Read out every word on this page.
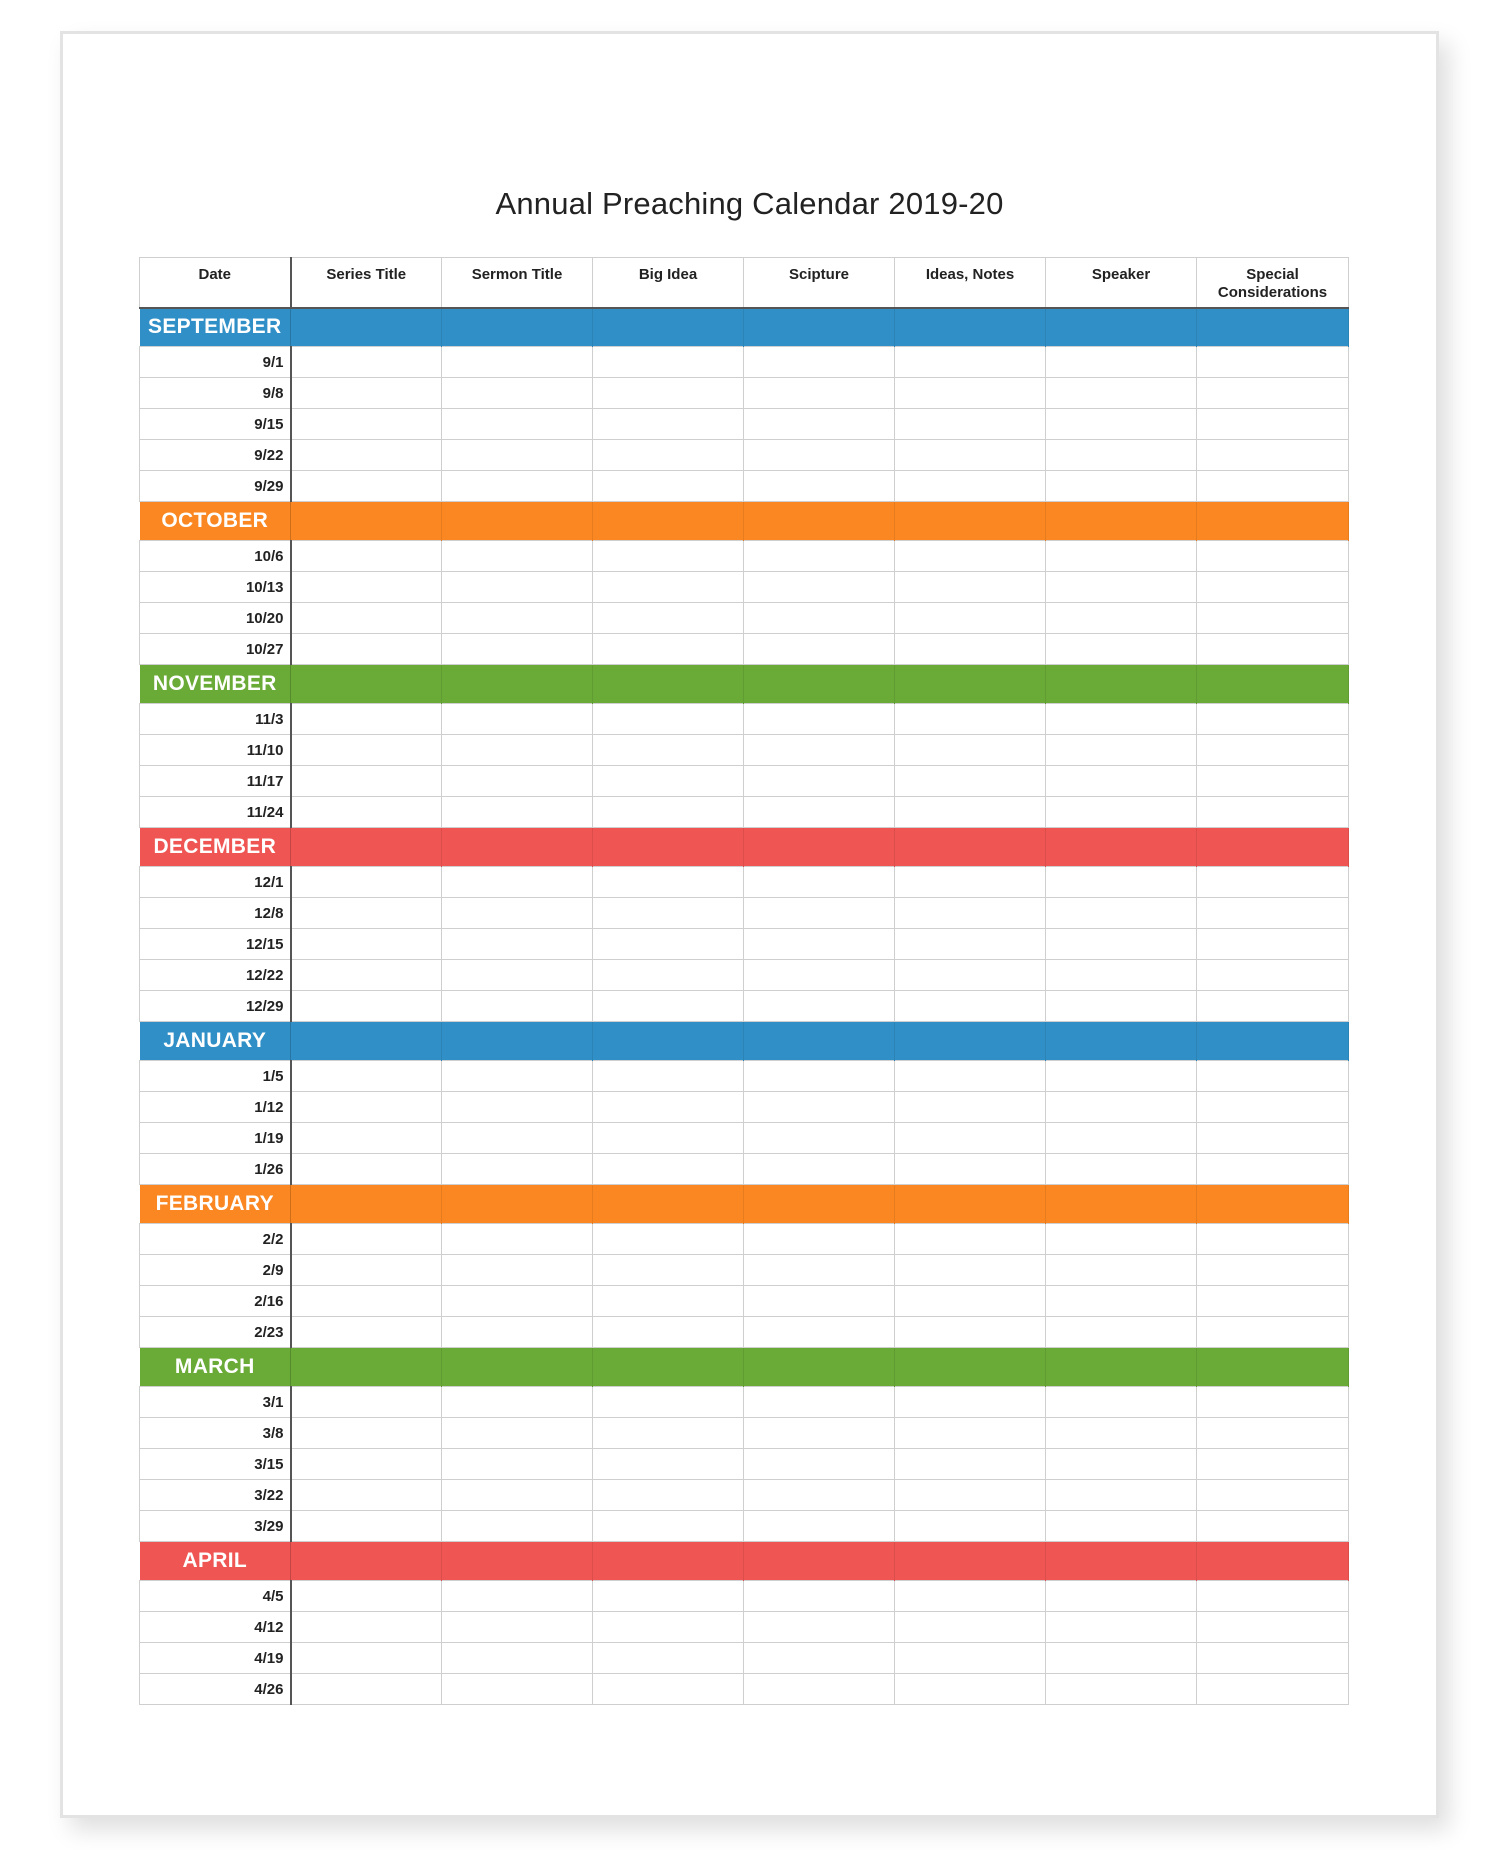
Annual Preaching Calendar 2019-20
Date	Series Title	Sermon Title	Big Idea	Scipture	Ideas, Notes	Speaker	Special Considerations
SEPTEMBER							
9/1							
9/8							
9/15							
9/22							
9/29							
OCTOBER							
10/6							
10/13							
10/20							
10/27							
NOVEMBER							
11/3							
11/10							
11/17							
11/24							
DECEMBER							
12/1							
12/8							
12/15							
12/22							
12/29							
JANUARY							
1/5							
1/12							
1/19							
1/26							
FEBRUARY							
2/2							
2/9							
2/16							
2/23							
MARCH							
3/1							
3/8							
3/15							
3/22							
3/29							
APRIL							
4/5							
4/12							
4/19							
4/26							
